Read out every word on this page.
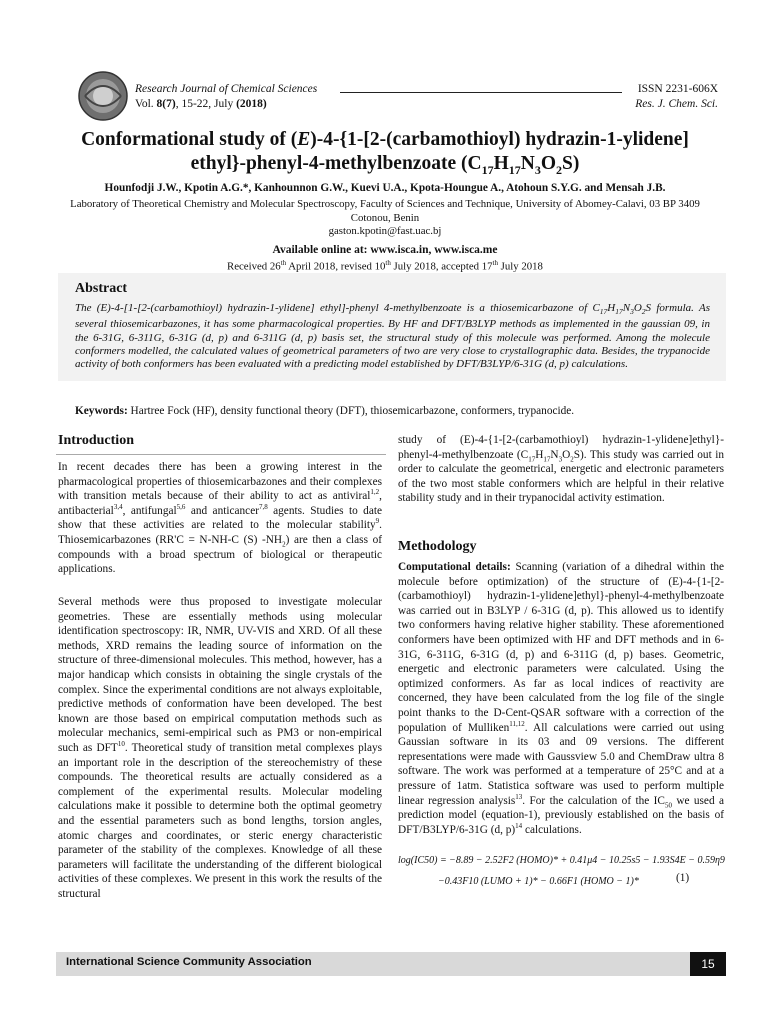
Research Journal of Chemical Sciences
Vol. 8(7), 15-22, July (2018)
ISSN 2231-606X
Res. J. Chem. Sci.
Conformational study of (E)-4-{1-[2-(carbamothioyl) hydrazin-1-ylidene]
ethyl}-phenyl-4-methylbenzoate $(C_{17}H_{17}N_3O_2S)$
Hounfodji J.W., Kpotin A.G.*, Kanhounnon G.W., Kuevi U.A., Kpota-Houngue A., Atohoun S.Y.G. and Mensah J.B.
Laboratory of Theoretical Chemistry and Molecular Spectroscopy, Faculty of Sciences and Technique, University of Abomey-Calavi, 03 BP 3409
Cotonou, Benin
gaston.kpotin@fast.uac.bj
Available online at: www.isca.in, www.isca.me
Received 26th April 2018, revised 10th July 2018, accepted 17th July 2018
Abstract
The (E)-4-[1-[2-(carbamothioyl) hydrazin-1-ylidene] ethyl]-phenyl 4-methylbenzoate is a thiosemicarbazone of $C_{17}H_{17}N_3O_2S$ formula. As several thiosemicarbazones, it has some pharmacological properties. By HF and DFT/B3LYP methods as implemented in the gaussian 09, in the 6-31G, 6-311G, 6-31G (d, p) and 6-311G (d, p) basis set, the structural study of this molecule was performed. Among the molecule conformers modelled, the calculated values of geometrical parameters of two are very close to crystallographic data. Besides, the trypanocide activity of both conformers has been evaluated with a predicting model established by DFT/B3LYP/6-31G (d, p) calculations.
Keywords: Hartree Fock (HF), density functional theory (DFT), thiosemicarbazone, conformers, trypanocide.
Introduction

In recent decades there has been a growing interest in the pharmacological properties of thiosemicarbazones and their complexes with transition metals because of their ability to act as antiviral$^{1,2}$, antibacterial$^{3,4}$, antifungal$^{5,6}$ and anticancer$^{7,8}$ agents. Studies to date show that these activities are related to the molecular stability$^9$. Thiosemicarbazones (RR'C = N-NH-C (S) $-NH_2$) are then a class of compounds with a broad spectrum of biological or therapeutic applications.

Several methods were thus proposed to investigate molecular geometries. These are essentially methods using molecular identification spectroscopy: IR, NMR, UV-VIS and XRD. Of all these methods, XRD remains the leading source of information on the structure of three-dimensional molecules. This method, however, has a major handicap which consists in obtaining the single crystals of the complex. Since the experimental conditions are not always exploitable, predictive methods of conformation have been developed. The best known are those based on empirical computation methods such as molecular mechanics, semi-empirical such as PM3 or non-empirical such as DFT$^{10}$. Theoretical study of transition metal complexes plays an important role in the description of the stereochemistry of these compounds. The theoretical results are actually considered as a complement of the experimental results. Molecular modeling calculations make it possible to determine both the optimal geometry and the essential parameters such as bond lengths, torsion angles, atomic charges and coordinates, or steric energy characteristic parameter of the stability of the complexes. Knowledge of all these parameters will facilitate the understanding of the different biological activities of these complexes. We present in this work the results of the structural

study of (E)-4-{1-[2-(carbamothioyl) hydrazin-1-ylidene]ethyl}-phenyl-4-methylbenzoate $(C_{17}H_{17}N_3O_2S)$. This study was carried out in order to calculate the geometrical, energetic and electronic parameters of the two most stable conformers which are helpful in their relative stability study and in their trypanocidal activity estimation.

Methodology

Computational details: Scanning (variation of a dihedral within the molecule before optimization) of the structure of (E)-4-{1-[2-(carbamothioyl) hydrazin-1-ylidene]ethyl}-phenyl-4-methylbenzoate was carried out in B3LYP / 6-31G (d, p). This allowed us to identify two conformers having relative higher stability. These aforementioned conformers have been optimized with HF and DFT methods and in 6-31G, 6-311G, 6-31G (d, p) and 6-311G (d, p) bases. Geometric, energetic and electronic parameters were calculated. Using the optimized conformers. As far as local indices of reactivity are concerned, they have been calculated from the log file of the single point thanks to the D-Cent-QSAR software with a correction of the population of Mulliken$^{11,12}$. All calculations were carried out using Gaussian software in its 03 and 09 versions. The different representations were made with Gaussview 5.0 and ChemDraw ultra 8 software. The work was performed at a temperature of 25°C and at a pressure of 1atm. Statistica software was used to perform multiple linear regression analysis$^{13}$. For the calculation of the $IC_{50}$ we used a prediction model (equation-1), previously established on the basis of DFT/B3LYP/6-31G (d, p)$^{14}$ calculations.

log(IC50) = −8.89 − 2.52F2 (HOMO)* + 0.41μ4 − 10.25s5 − 1.93S4E − 0.59η9
−0.43F10 (LUMO + 1)* − 0.66F1 (HOMO − 1)*	(1)
International Science Community Association	15
